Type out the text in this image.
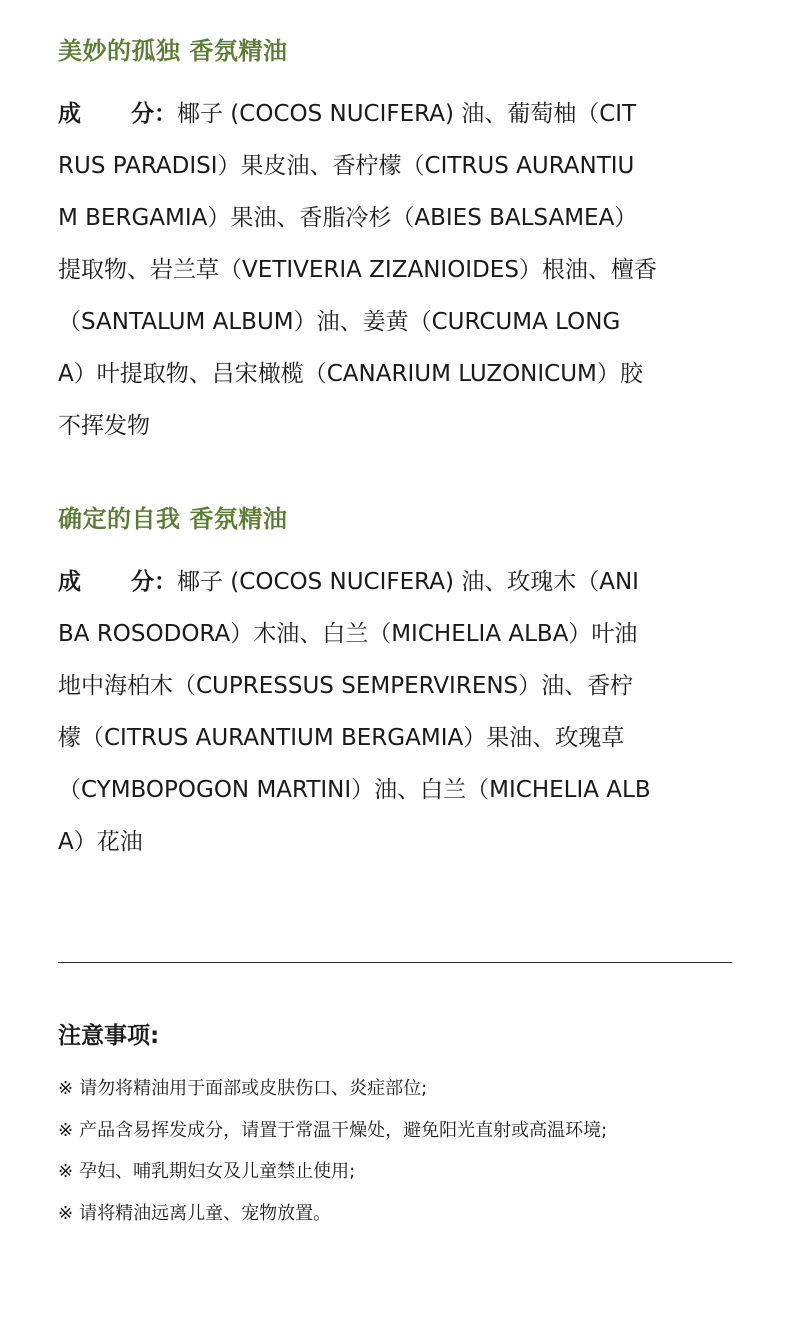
美妙的孤独 香氛精油
成 分：椰子 (COCOS NUCIFERA) 油、葡萄柚（CIT
RUS PARADISI）果皮油、香柠檬（CITRUS AURANTIU
M BERGAMIA）果油、香脂冷杉（ABIES BALSAMEA）
提取物、岩兰草（VETIVERIA ZIZANIOIDES）根油、檀香
（SANTALUM ALBUM）油、姜黄（CURCUMA LONG
A）叶提取物、吕宋橄榄（CANARIUM LUZONICUM）胶
不挥发物
确定的自我 香氛精油
成 分：椰子 (COCOS NUCIFERA) 油、玫瑰木（ANI
BA ROSODORA）木油、白兰（MICHELIA ALBA）叶油
地中海柏木（CUPRESSUS SEMPERVIRENS）油、香柠
檬（CITRUS AURANTIUM BERGAMIA）果油、玫瑰草
（CYMBOPOGON MARTINI）油、白兰（MICHELIA ALB
A）花油
注意事项:
※ 请勿将精油用于面部或皮肤伤口、炎症部位;
※ 产品含易挥发成分，请置于常温干燥处，避免阳光直射或高温环境;
※ 孕妇、哺乳期妇女及儿童禁止使用;
※ 请将精油远离儿童、宠物放置。
